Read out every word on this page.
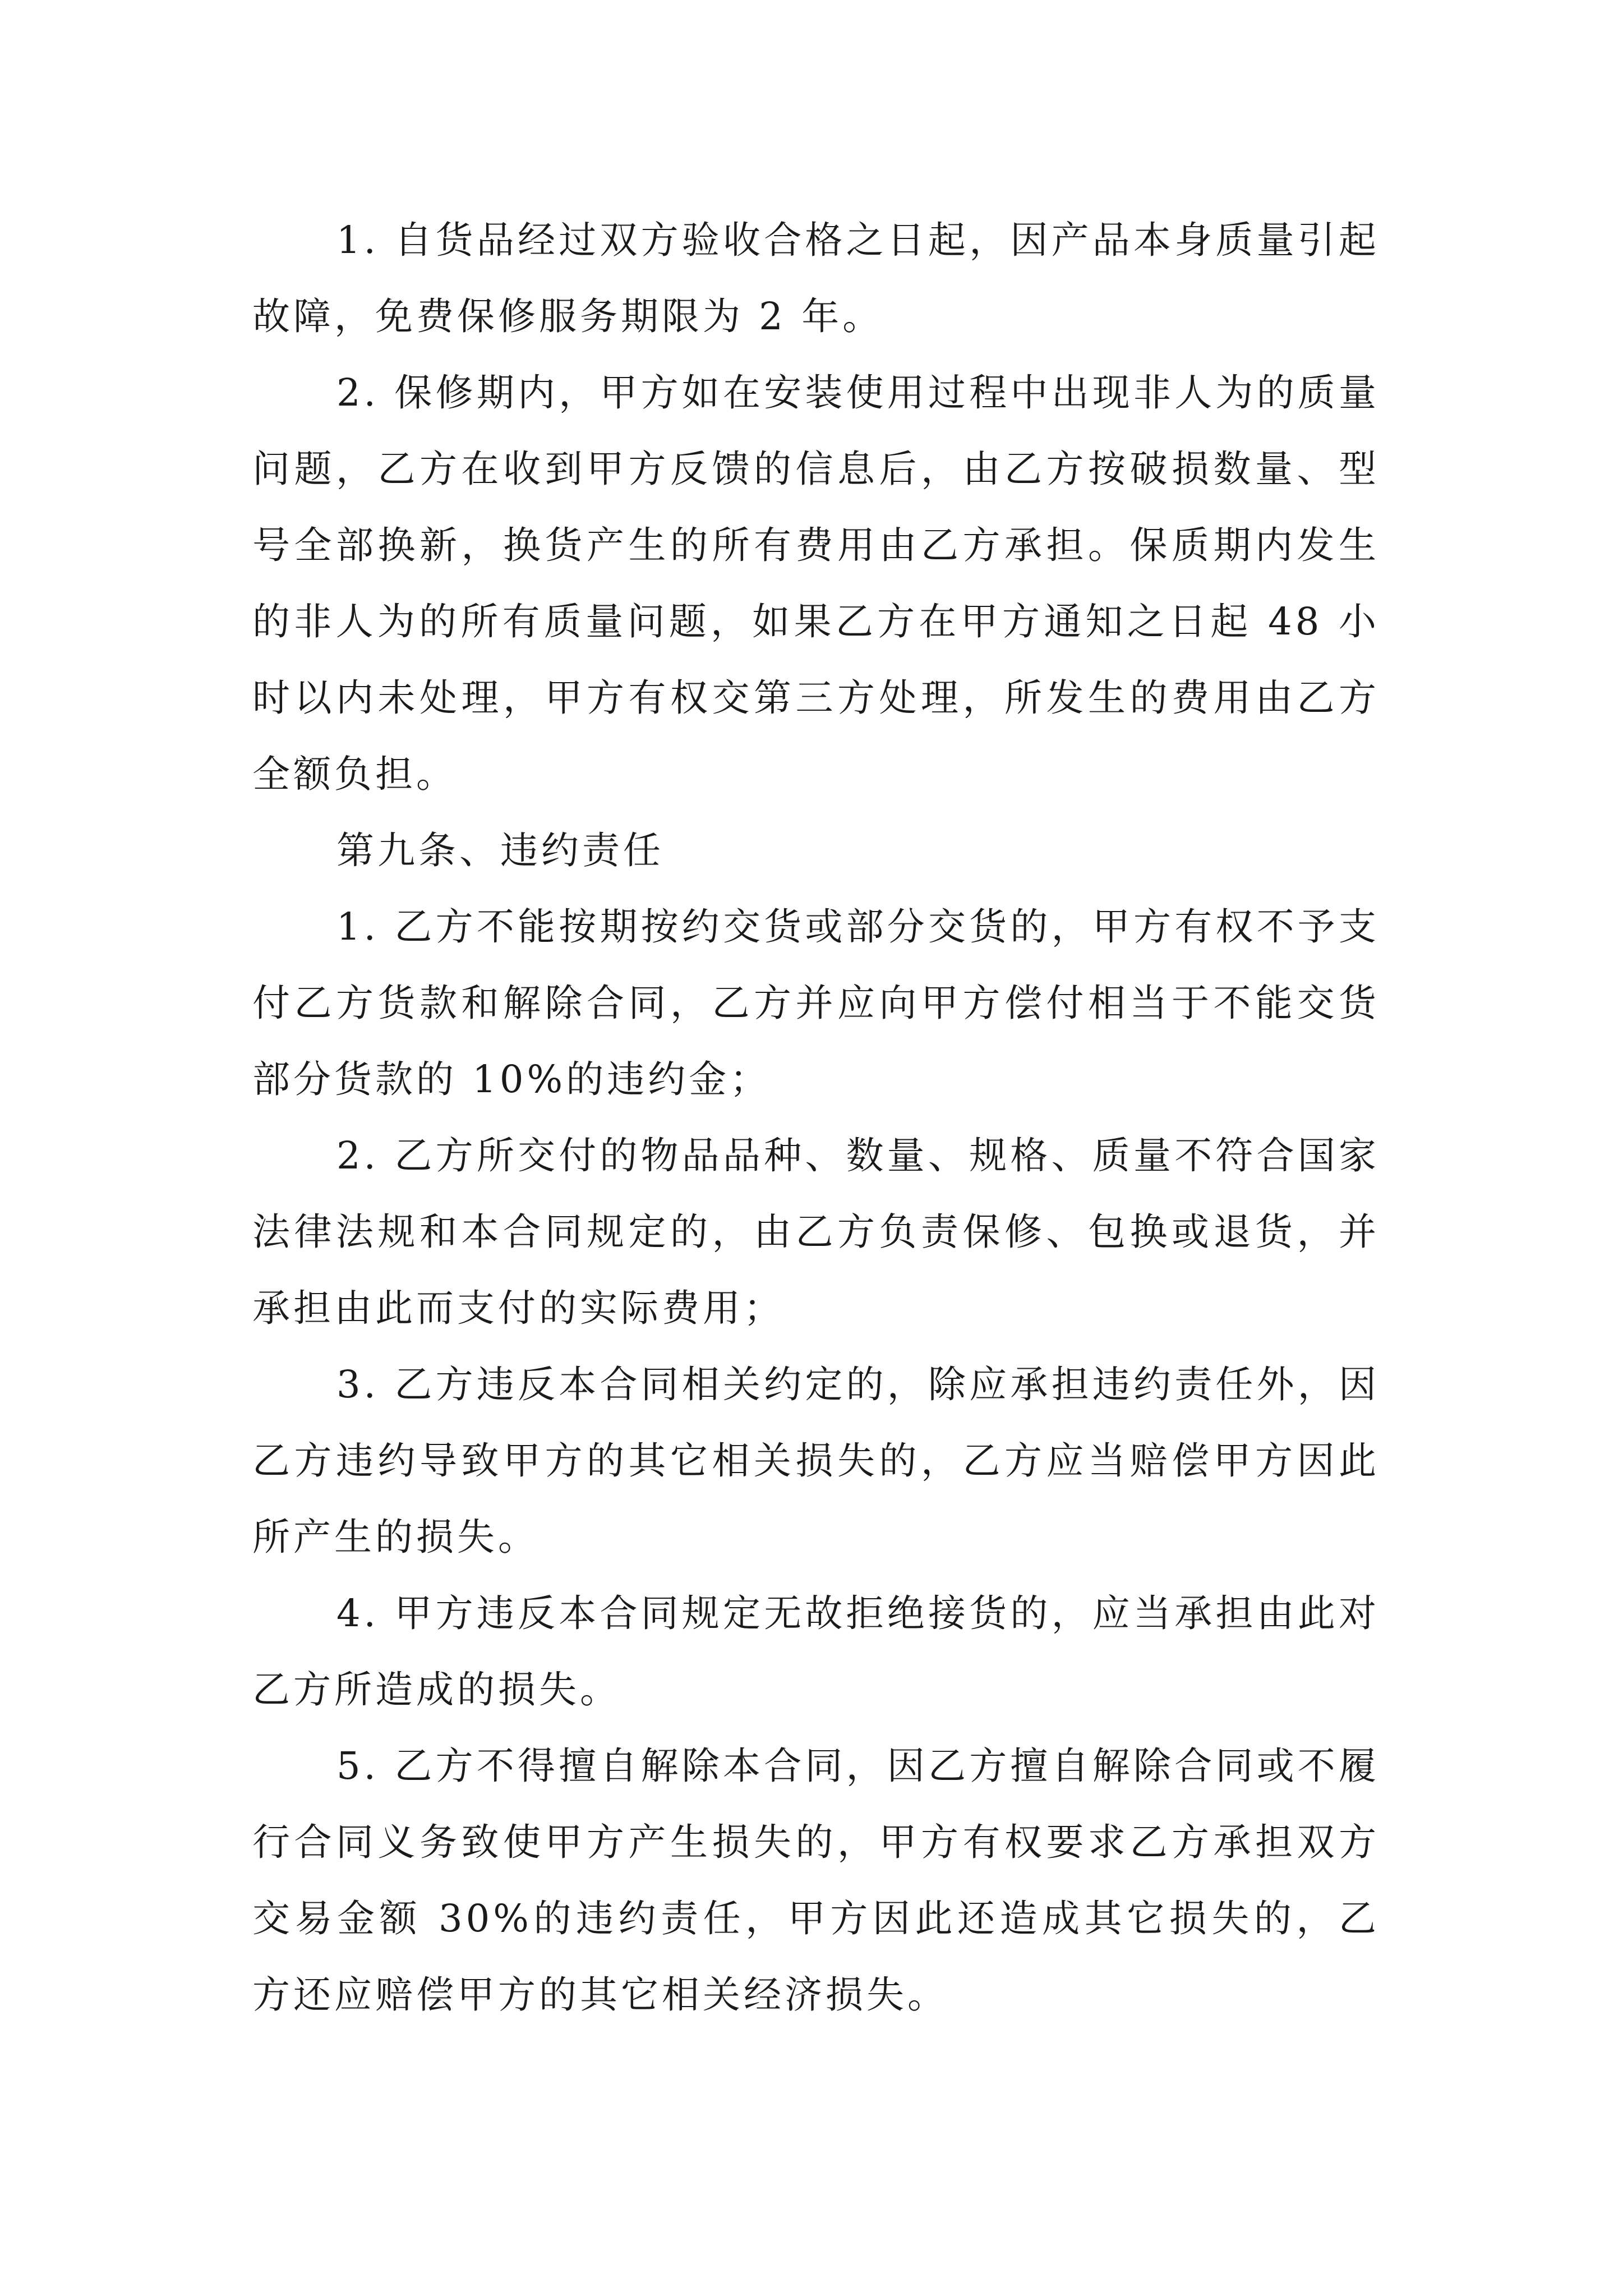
1. 自货品经过双方验收合格之日起，因产品本身质量引起故障，免费保修服务期限为 2 年。

2. 保修期内，甲方如在安装使用过程中出现非人为的质量问题，乙方在收到甲方反馈的信息后，由乙方按破损数量、型号全部换新，换货产生的所有费用由乙方承担。保质期内发生的非人为的所有质量问题，如果乙方在甲方通知之日起 48 小时以内未处理，甲方有权交第三方处理，所发生的费用由乙方全额负担。

第九条、违约责任

1. 乙方不能按期按约交货或部分交货的，甲方有权不予支付乙方货款和解除合同，乙方并应向甲方偿付相当于不能交货部分货款的 10%的违约金；

2. 乙方所交付的物品品种、数量、规格、质量不符合国家法律法规和本合同规定的，由乙方负责保修、包换或退货，并承担由此而支付的实际费用；

3. 乙方违反本合同相关约定的，除应承担违约责任外，因乙方违约导致甲方的其它相关损失的，乙方应当赔偿甲方因此所产生的损失。

4. 甲方违反本合同规定无故拒绝接货的，应当承担由此对乙方所造成的损失。

5. 乙方不得擅自解除本合同，因乙方擅自解除合同或不履行合同义务致使甲方产生损失的，甲方有权要求乙方承担双方交易金额 30%的违约责任，甲方因此还造成其它损失的，乙方还应赔偿甲方的其它相关经济损失。
